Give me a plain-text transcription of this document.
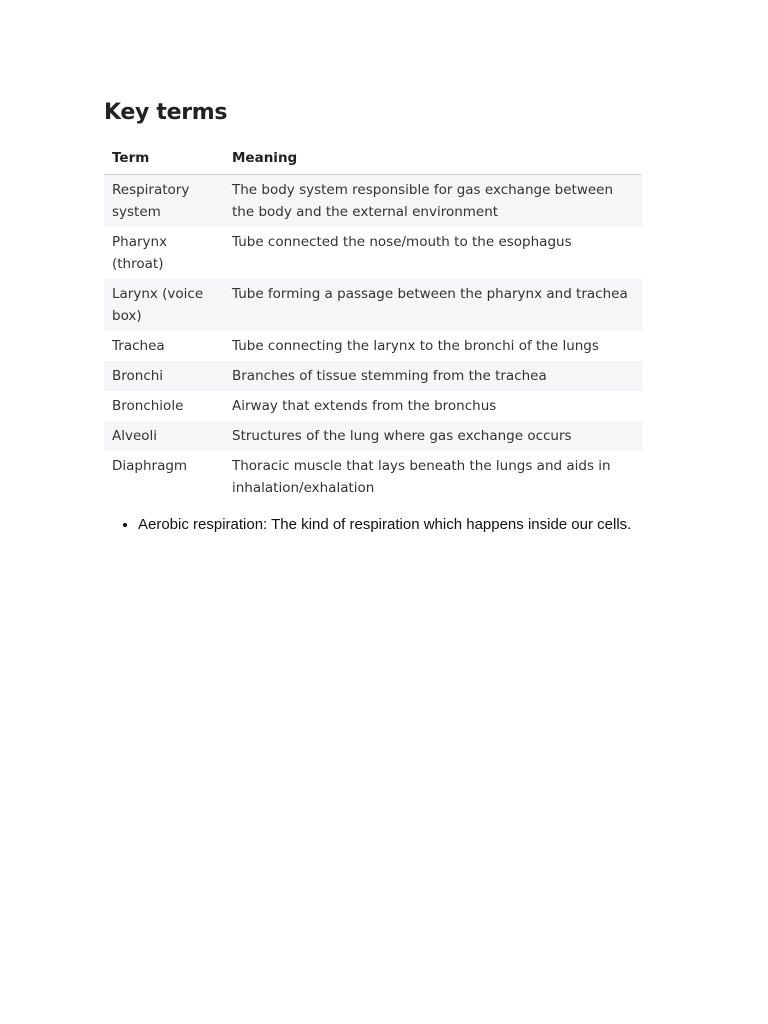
Key terms
Term	Meaning
Respiratory system	The body system responsible for gas exchange between the body and the external environment
Pharynx (throat)	Tube connected the nose/mouth to the esophagus
Larynx (voice box)	Tube forming a passage between the pharynx and trachea
Trachea	Tube connecting the larynx to the bronchi of the lungs
Bronchi	Branches of tissue stemming from the trachea
Bronchiole	Airway that extends from the bronchus
Alveoli	Structures of the lung where gas exchange occurs
Diaphragm	Thoracic muscle that lays beneath the lungs and aids in inhalation/exhalation
• Aerobic respiration: The kind of respiration which happens inside our cells.
